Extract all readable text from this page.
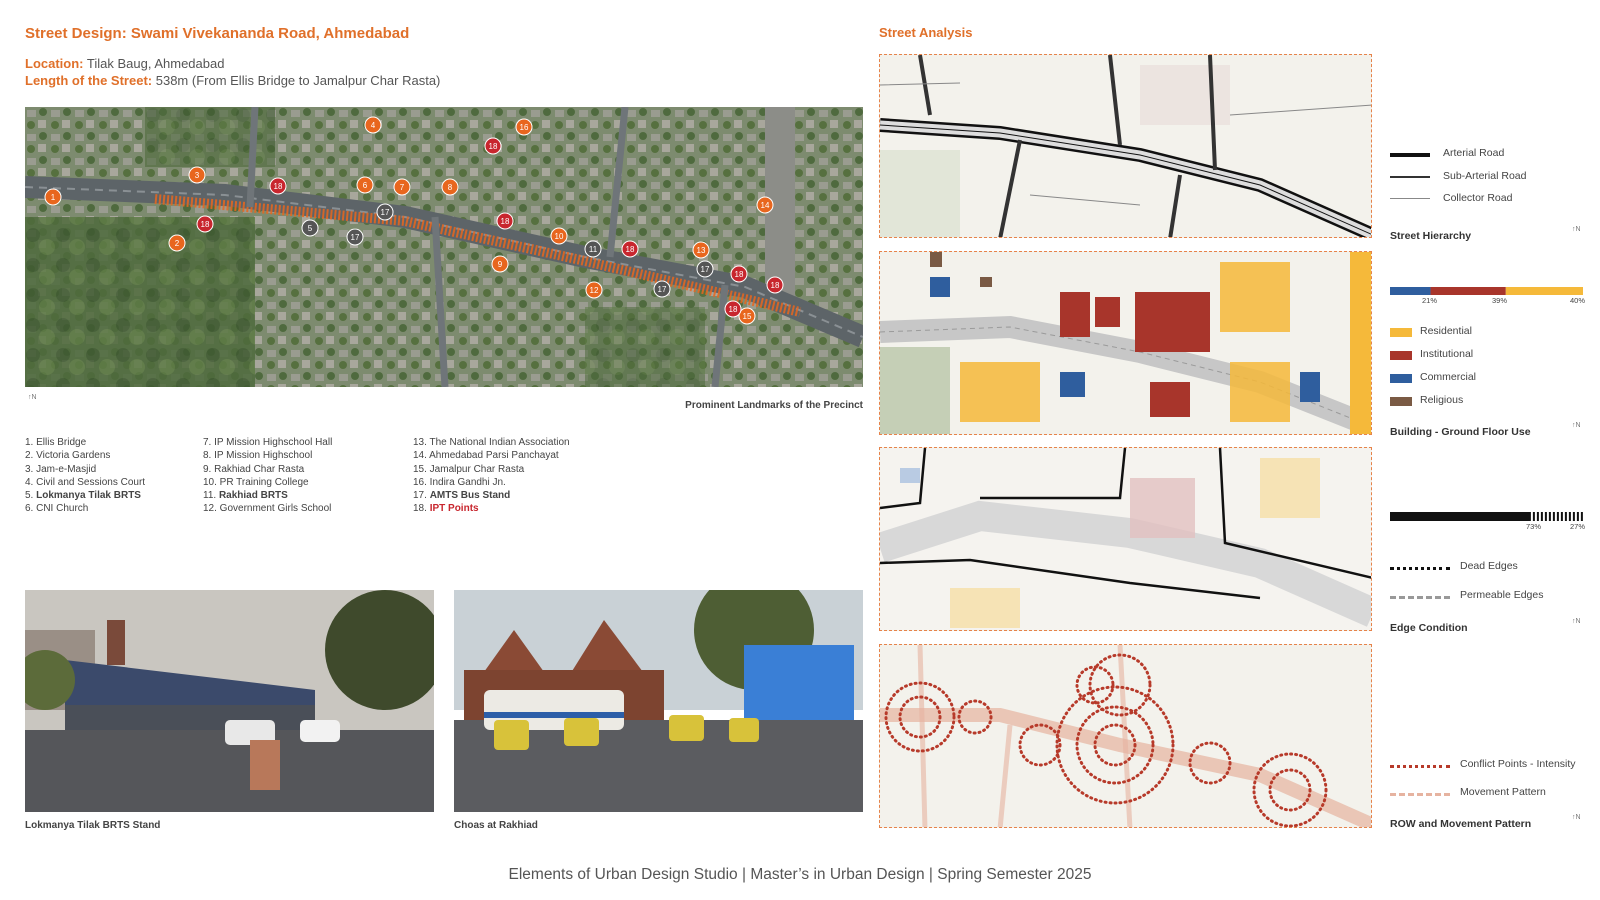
Street Design: Swami Vivekananda Road, Ahmedabad	Street Analysis
Location: Tilak Baug, Ahmedabad
Length of the Street: 538m (From Ellis Bridge to Jamalpur Char Rasta)
1
2
3
4
5
6	7	8
9
10
11
12
13
14
15
16
17
17
17
17
18
18
18
18
18
18
18
18
↑N
Prominent Landmarks of the Precinct
1. Ellis Bridge
2. Victoria Gardens
3. Jam-e-Masjid
4. Civil and Sessions Court
5. Lokmanya Tilak BRTS
6. CNI Church
7. IP Mission Highschool Hall
8. IP Mission Highschool
9. Rakhiad Char Rasta
10. PR Training College
11. Rakhiad BRTS
12. Government Girls School
13. The National Indian Association
14. Ahmedabad Parsi Panchayat
15. Jamalpur Char Rasta
16. Indira Gandhi Jn.
17. AMTS Bus Stand
18. IPT Points
Lokmanya Tilak BRTS Stand	Choas at Rakhiad
Arterial Road
Sub-Arterial Road
Collector Road
Street Hierarchy
↑N
21%	39%	40%
Residential
Institutional
Commercial
Religious
Building - Ground Floor Use
↑N
73%	27%
Dead Edges
Permeable Edges
Edge Condition
↑N
Conflict Points - Intensity
Movement Pattern
ROW and Movement Pattern
↑N
Elements of Urban Design Studio | Master’s in Urban Design | Spring Semester 2025
